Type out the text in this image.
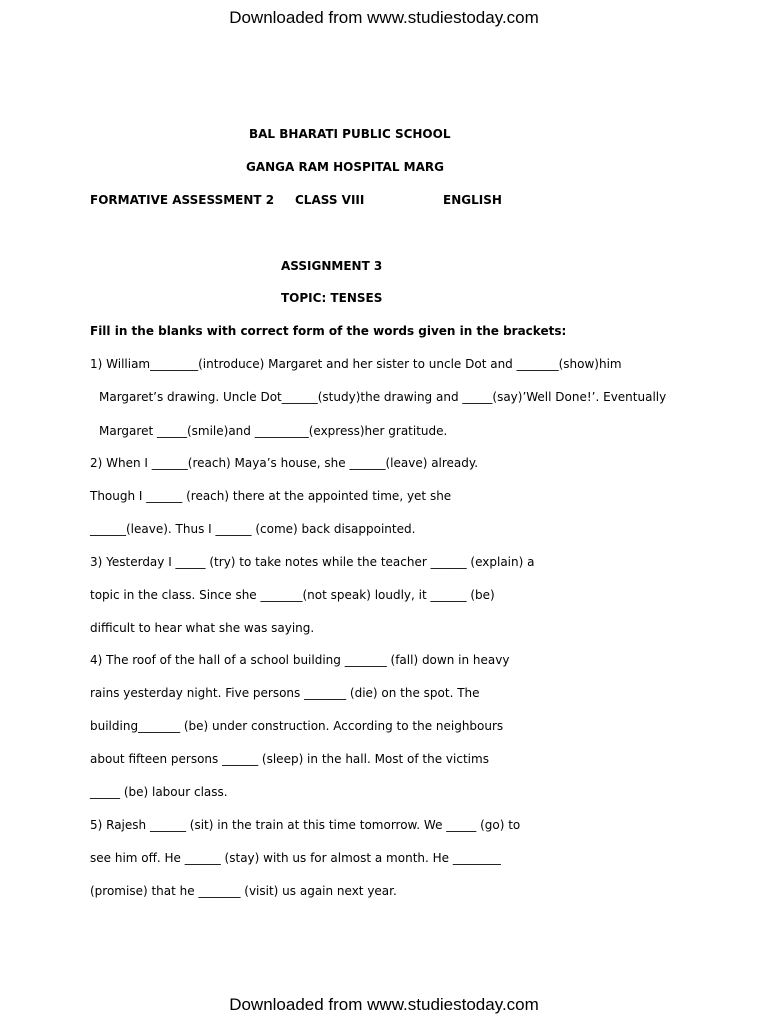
Downloaded from www.studiestoday.com
BAL BHARATI PUBLIC SCHOOL
GANGA RAM HOSPITAL MARG
FORMATIVE ASSESSMENT 2 CLASS VIII	ENGLISH
ASSIGNMENT 3
TOPIC: TENSES
Fill in the blanks with correct form of the words given in the brackets:
1) William________(introduce) Margaret and her sister to uncle Dot and _______(show)him
Margaret’s drawing. Uncle Dot______(study)the drawing and _____(say)’Well Done!’. Eventually
Margaret _____(smile)and _________(express)her gratitude.
2) When I ______(reach) Maya’s house, she ______(leave) already.
Though I ______ (reach) there at the appointed time, yet she
______(leave). Thus I ______ (come) back disappointed.
3) Yesterday I _____ (try) to take notes while the teacher ______ (explain) a
topic in the class. Since she _______(not speak) loudly, it ______ (be)
difficult to hear what she was saying.
4) The roof of the hall of a school building _______ (fall) down in heavy
rains yesterday night. Five persons _______ (die) on the spot. The
building_______ (be) under construction. According to the neighbours
about fifteen persons ______ (sleep) in the hall. Most of the victims
_____ (be) labour class.
5) Rajesh ______ (sit) in the train at this time tomorrow. We _____ (go) to
see him off. He ______ (stay) with us for almost a month. He ________
(promise) that he _______ (visit) us again next year.
Downloaded from www.studiestoday.com
